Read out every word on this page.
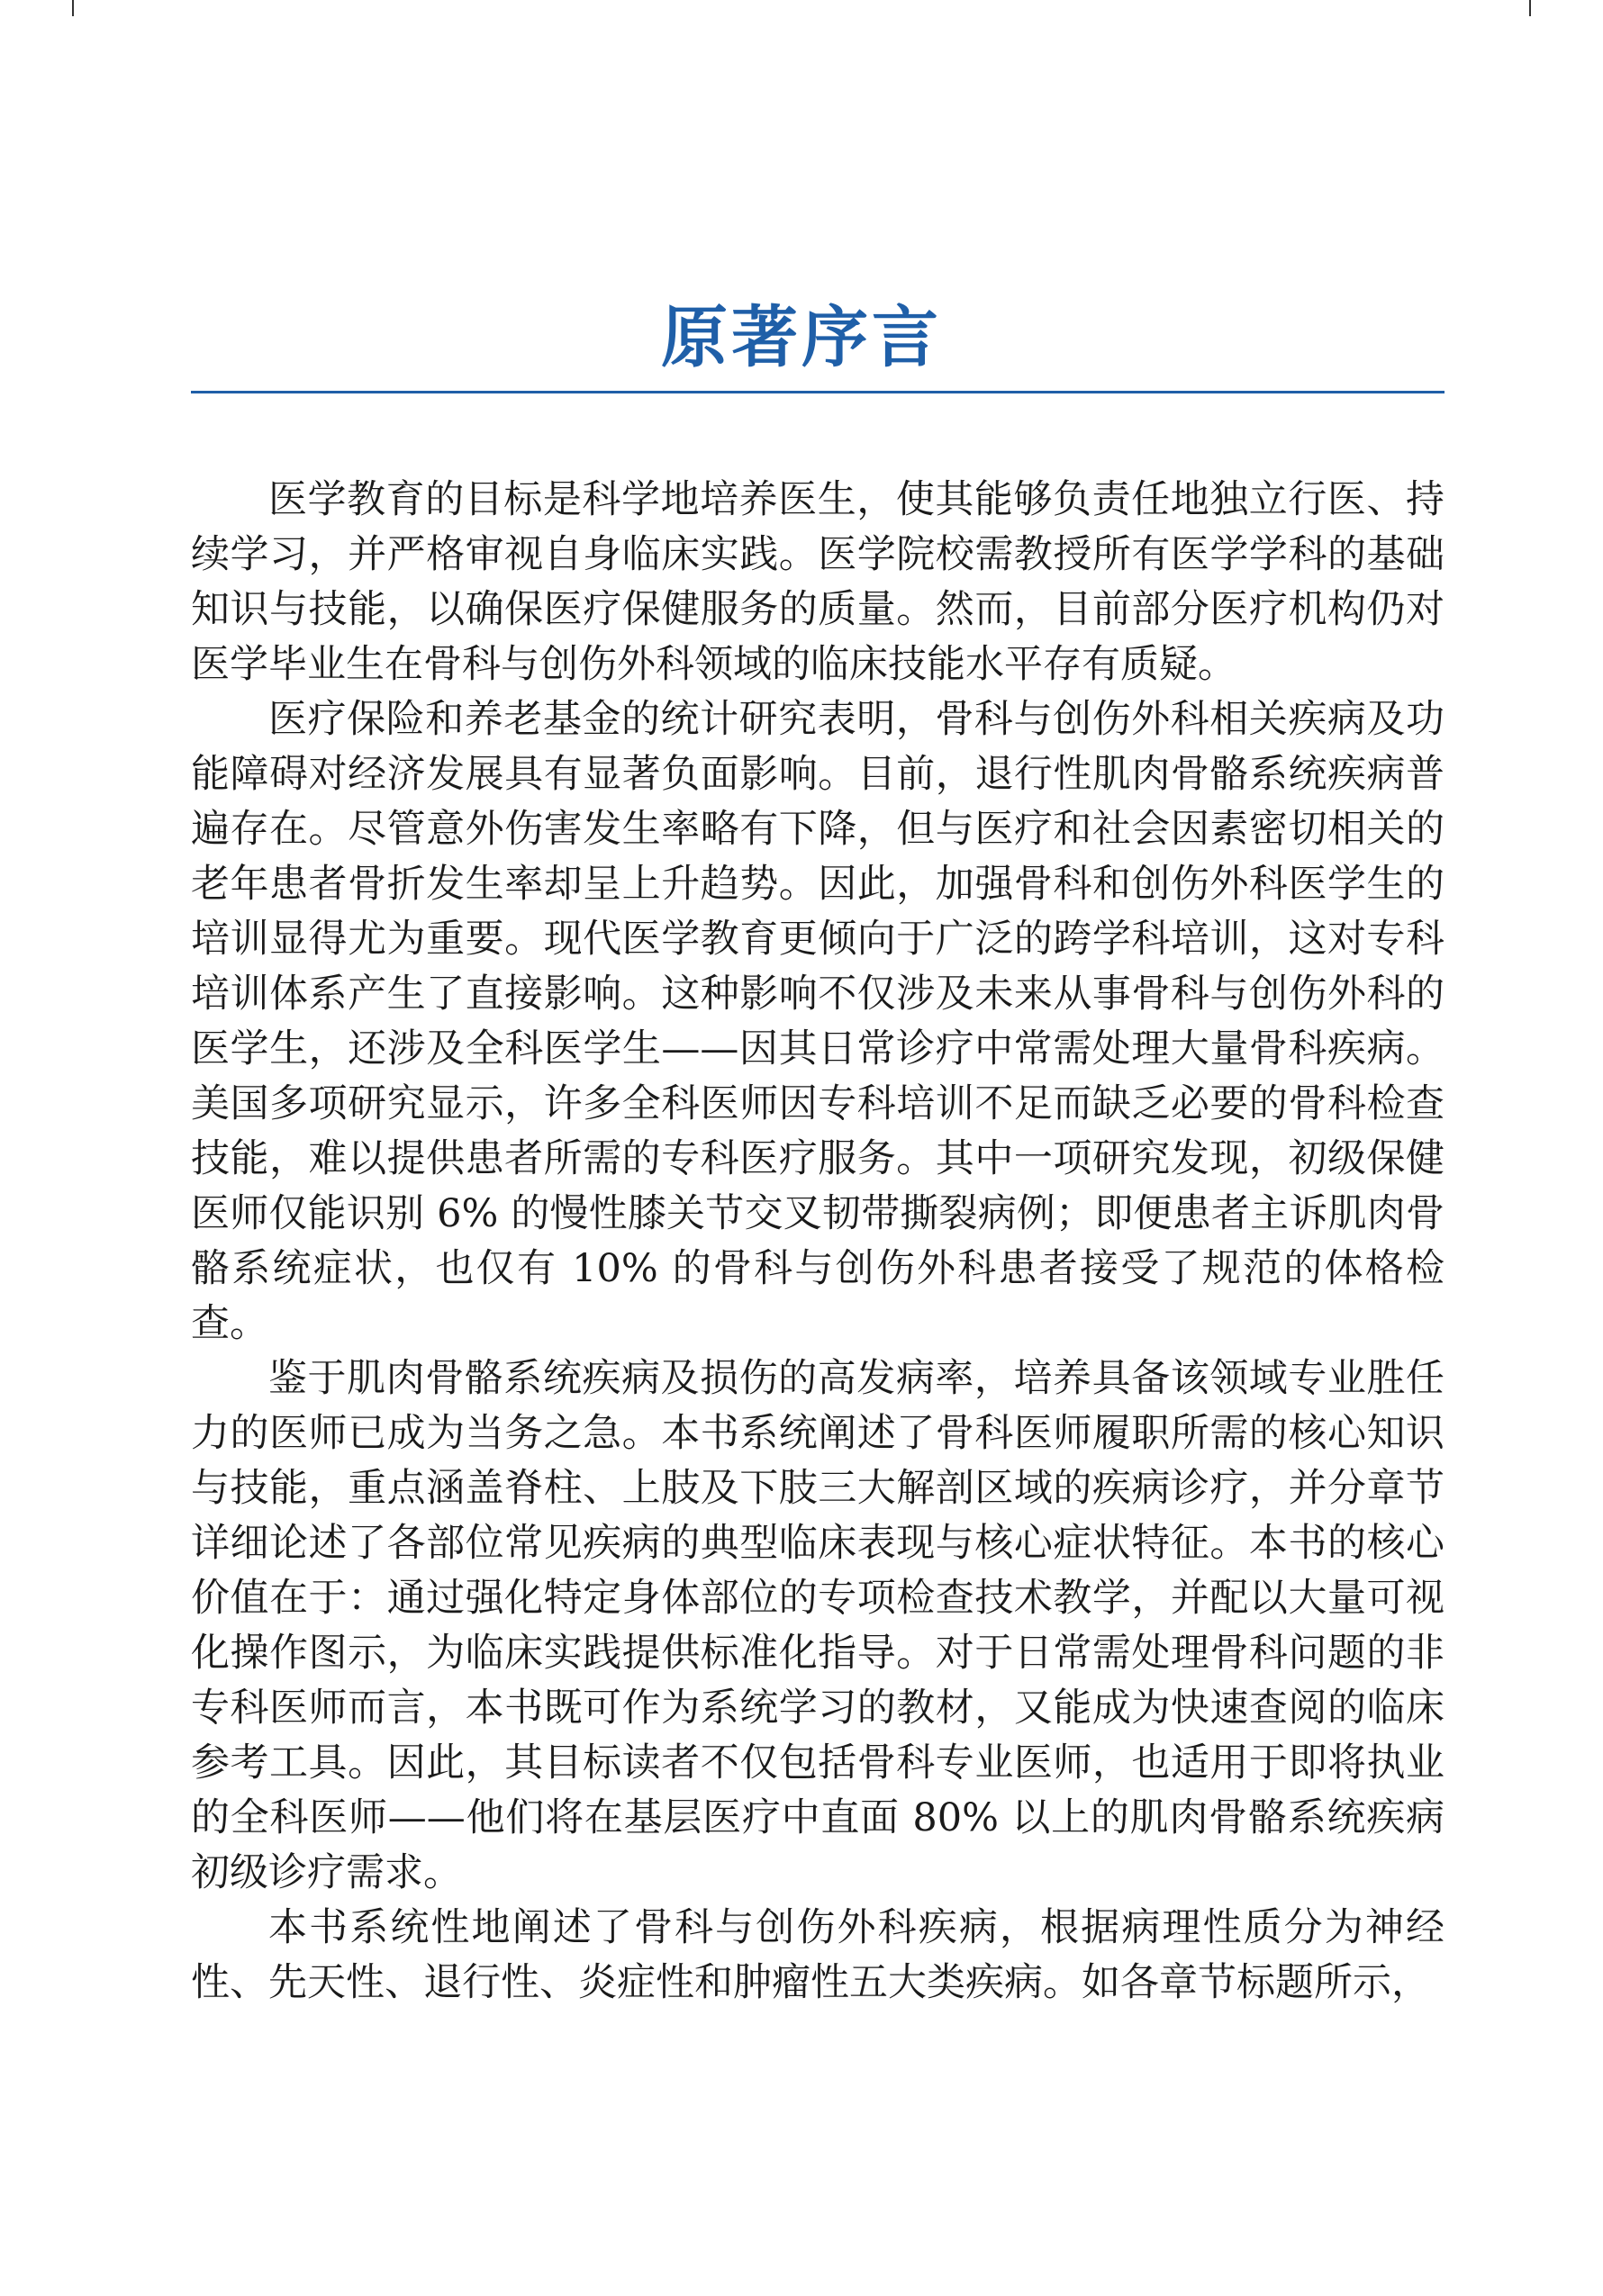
原著序言

医学教育的目标是科学地培养医生，使其能够负责任地独立行医、持续学习，并严格审视自身临床实践。医学院校需教授所有医学学科的基础知识与技能，以确保医疗保健服务的质量。然而，目前部分医疗机构仍对医学毕业生在骨科与创伤外科领域的临床技能水平存有质疑。

医疗保险和养老基金的统计研究表明，骨科与创伤外科相关疾病及功能障碍对经济发展具有显著负面影响。目前，退行性肌肉骨骼系统疾病普遍存在。尽管意外伤害发生率略有下降，但与医疗和社会因素密切相关的老年患者骨折发生率却呈上升趋势。因此，加强骨科和创伤外科医学生的培训显得尤为重要。现代医学教育更倾向于广泛的跨学科培训，这对专科培训体系产生了直接影响。这种影响不仅涉及未来从事骨科与创伤外科的医学生，还涉及全科医学生——因其日常诊疗中常需处理大量骨科疾病。美国多项研究显示，许多全科医师因专科培训不足而缺乏必要的骨科检查技能，难以提供患者所需的专科医疗服务。其中一项研究发现，初级保健医师仅能识别 6% 的慢性膝关节交叉韧带撕裂病例；即便患者主诉肌肉骨骼系统症状，也仅有 10% 的骨科与创伤外科患者接受了规范的体格检查。

鉴于肌肉骨骼系统疾病及损伤的高发病率，培养具备该领域专业胜任力的医师已成为当务之急。本书系统阐述了骨科医师履职所需的核心知识与技能，重点涵盖脊柱、上肢及下肢三大解剖区域的疾病诊疗，并分章节详细论述了各部位常见疾病的典型临床表现与核心症状特征。本书的核心价值在于：通过强化特定身体部位的专项检查技术教学，并配以大量可视化操作图示，为临床实践提供标准化指导。对于日常需处理骨科问题的非专科医师而言，本书既可作为系统学习的教材，又能成为快速查阅的临床参考工具。因此，其目标读者不仅包括骨科专业医师，也适用于即将执业的全科医师——他们将在基层医疗中直面 80% 以上的肌肉骨骼系统疾病初级诊疗需求。

本书系统性地阐述了骨科与创伤外科疾病，根据病理性质分为神经性、先天性、退行性、炎症性和肿瘤性五大类疾病。如各章节标题所示，
